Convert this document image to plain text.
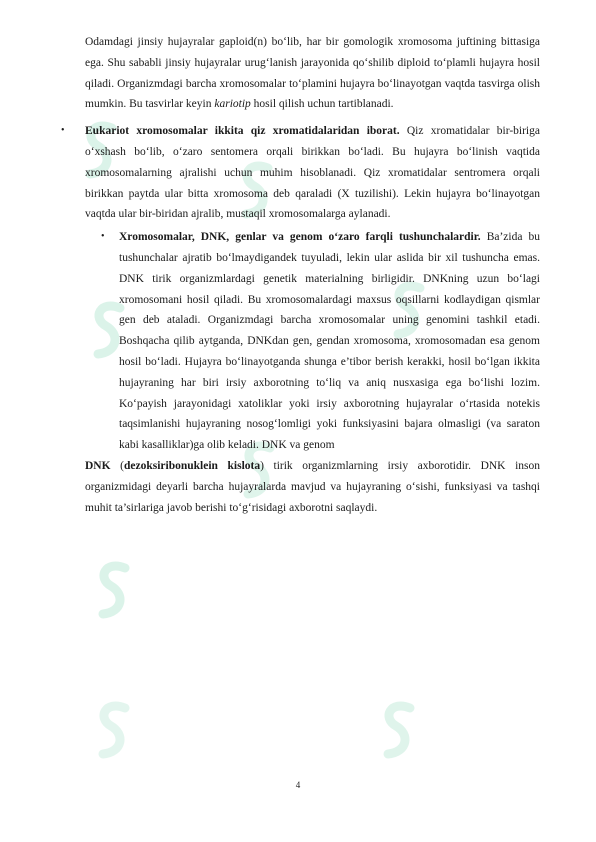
Odamdagi jinsiy hujayralar gaploid(n) bo‘lib, har bir gomologik xromosoma juftining bittasiga ega. Shu sababli jinsiy hujayralar urug‘lanish jarayonida qo‘shilib diploid to‘plamli hujayra hosil qiladi. Organizmdagi barcha xromosomalar to‘plamini hujayra bo‘linayotgan vaqtda tasvirga olish mumkin. Bu tasvirlar keyin kariotip hosil qilish uchun tartiblanadi.

• Eukariot xromosomalar ikkita qiz xromatidalaridan iborat. Qiz xromatidalar bir-biriga o‘xshash bo‘lib, o‘zaro sentomera orqali birikkan bo‘ladi. Bu hujayra bo‘linish vaqtida xromosomalarning ajralishi uchun muhim hisoblanadi. Qiz xromatidalar sentromera orqali birikkan paytda ular bitta xromosoma deb qaraladi (X tuzilishi). Lekin hujayra bo‘linayotgan vaqtda ular bir-biridan ajralib, mustaqil xromosomalarga aylanadi.

• Xromosomalar, DNK, genlar va genom o‘zaro farqli tushunchalardir. Ba’zida bu tushunchalar ajratib bo‘lmaydigandek tuyuladi, lekin ular aslida bir xil tushuncha emas. DNK tirik organizmlardagi genetik materialning birligidir. DNKning uzun bo‘lagi xromosomani hosil qiladi. Bu xromosomalardagi maxsus oqsillarni kodlaydigan qismlar gen deb ataladi. Organizmdagi barcha xromosomalar uning genomini tashkil etadi. Boshqacha qilib aytganda, DNKdan gen, gendan xromosoma, xromosomadan esa genom hosil bo‘ladi. Hujayra bo‘linayotganda shunga e’tibor berish kerakki, hosil bo‘lgan ikkita hujayraning har biri irsiy axborotning to‘liq va aniq nusxasiga ega bo‘lishi lozim. Ko‘payish jarayonidagi xatoliklar yoki irsiy axborotning hujayralar o‘rtasida notekis taqsimlanishi hujayraning nosog‘lomligi yoki funksiyasini bajara olmasligi (va saraton kabi kasalliklar)ga olib keladi. DNK va genom

DNK (dezoksiribonuklein kislota) tirik organizmlarning irsiy axborotidir. DNK inson organizmidagi deyarli barcha hujayralarda mavjud va hujayraning o‘sishi, funksiyasi va tashqi muhit ta’sirlariga javob berishi to‘g‘risidagi axborotni saqlaydi.

4
